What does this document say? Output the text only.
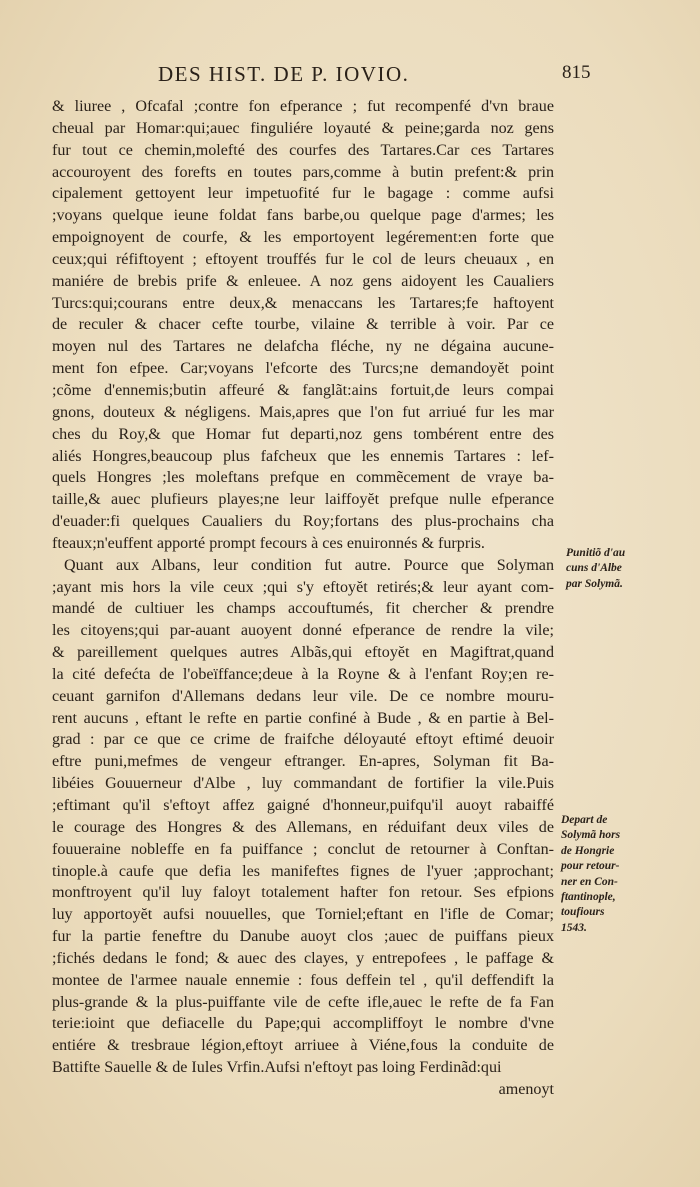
DES HIST. DE P. IOVIO.	815
& liuree , Ofcafal ;contre fon efperance ; fut recompenfé d'vn braue
cheual par Homar:qui;auec finguliére loyauté & peine;garda noz gens
fur tout ce chemin,molefté des courfes des Tartares.Car ces Tartares
accouroyent des forefts en toutes pars,comme à butin prefent:& prin
cipalement gettoyent leur impetuofité fur le bagage : comme aufsi
;voyans quelque ieune foldat fans barbe,ou quelque page d'armes; les
empoignoyent de courfe, & les emportoyent legérement:en forte que
ceux;qui réfiftoyent ; eftoyent trouffés fur le col de leurs cheuaux , en
maniére de brebis prife & enleuee. A noz gens aidoyent les Caualiers
Turcs:qui;courans entre deux,& menaccans les Tartares;fe haftoyent
de reculer & chacer cefte tourbe, vilaine & terrible à voir. Par ce
moyen nul des Tartares ne delafcha fléche, ny ne dégaina aucune-
ment fon efpee. Car;voyans l'efcorte des Turcs;ne demandoyĕt point
;cõme d'ennemis;butin affeuré & fanglãt:ains fortuit,de leurs compai
gnons, douteux & négligens. Mais,apres que l'on fut arriué fur les mar
ches du Roy,& que Homar fut departi,noz gens tombérent entre des
aliés Hongres,beaucoup plus fafcheux que les ennemis Tartares : lef-
quels Hongres ;les moleftans prefque en commẽcement de vraye ba-
taille,& auec plufieurs playes;ne leur laiffoyĕt prefque nulle efperance
d'euader:fi quelques Caualiers du Roy;fortans des plus-prochains cha
fteaux;n'euffent apporté prompt fecours à ces enuironnés & furpris.
Quant aux Albans, leur condition fut autre. Pource que Solyman
;ayant mis hors la vile ceux ;qui s'y eftoyĕt retirés;& leur ayant com-
mandé de cultiuer les champs accouftumés, fit chercher & prendre
les citoyens;qui par-auant auoyent donné efperance de rendre la vile;
& pareillement quelques autres Albãs,qui eftoyĕt en Magiftrat,quand
la cité defećta de l'obeïffance;deue à la Royne & à l'enfant Roy;en re-
ceuant garnifon d'Allemans dedans leur vile. De ce nombre mouru-
rent aucuns , eftant le refte en partie confiné à Bude , & en partie à Bel-
grad : par ce que ce crime de fraifche déloyauté eftoyt eftimé deuoir
eftre puni,mefmes de vengeur eftranger. En-apres, Solyman fit Ba-
libéies Gouuerneur d'Albe , luy commandant de fortifier la vile.Puis
;eftimant qu'il s'eftoyt affez gaigné d'honneur,puifqu'il auoyt rabaiffé
le courage des Hongres & des Allemans, en réduifant deux viles de
fouueraine nobleffe en fa puiffance ; conclut de retourner à Conftan-
tinople.à caufe que defia les manifeftes fignes de l'yuer ;approchant;
monftroyent qu'il luy faloyt totalement hafter fon retour. Ses efpions
luy apportoyĕt aufsi nouuelles, que Torniel;eftant en l'ifle de Comar;
fur la partie feneftre du Danube auoyt clos ;auec de puiffans pieux
;fichés dedans le fond; & auec des clayes, y entrepofees , le paffage &
montee de l'armee nauale ennemie : fous deffein tel , qu'il deffendift la
plus-grande & la plus-puiffante vile de cefte ifle,auec le refte de fa Fan
terie:ioint que defiacelle du Pape;qui accompliffoyt le nombre d'vne
entiére & tresbraue légion,eftoyt arriuee à Viéne,fous la conduite de
Battifte Sauelle & de Iules Vrfin.Aufsi n'eftoyt pas loing Ferdinãd:qui
amenoyt
Punitiõ d'au
cuns d'Albe
par Solymã.
Depart de
Solymã hors
de Hongrie
pour retour-
ner en Con-
ftantinople,
toufiours
1543.
